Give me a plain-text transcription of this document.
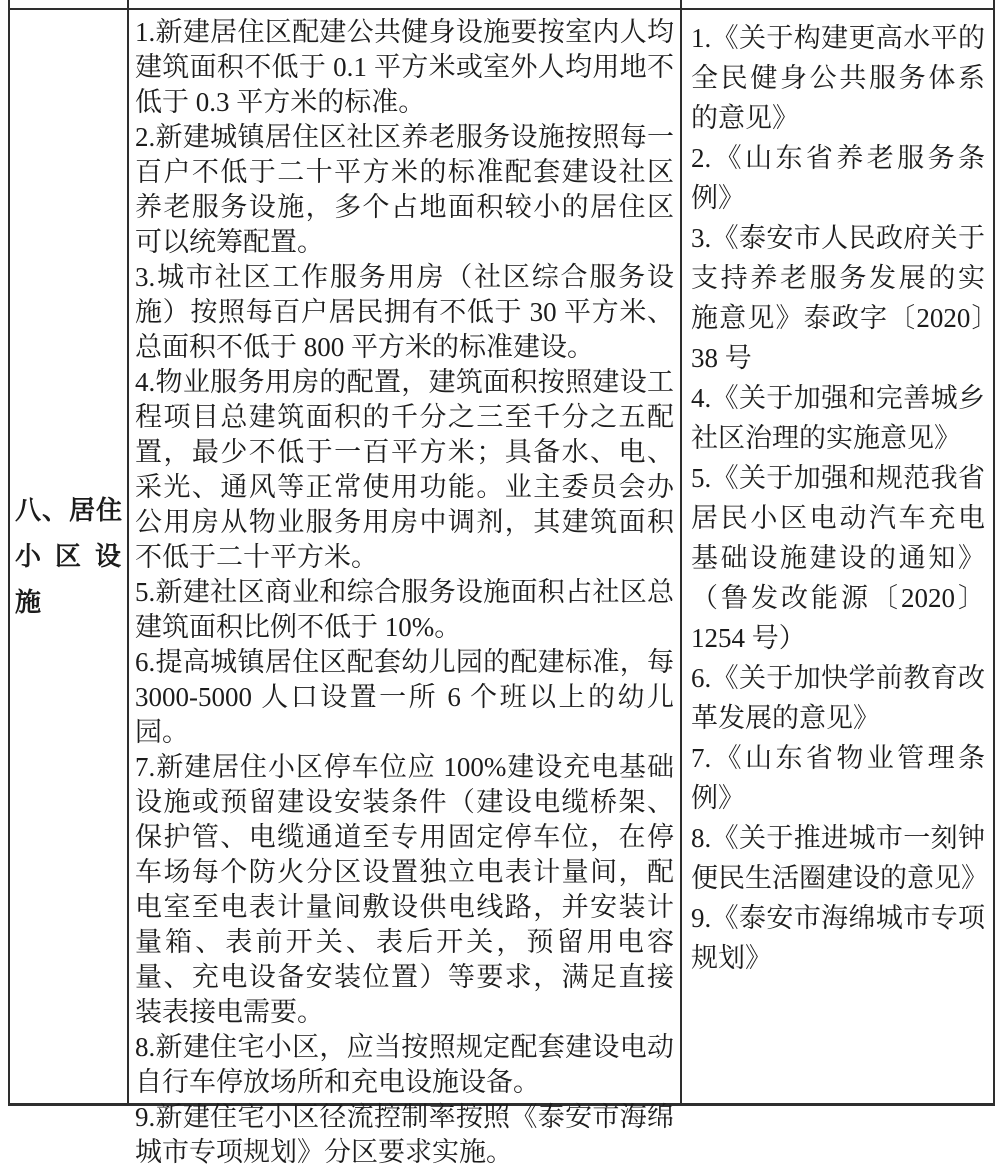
八、居住
小区设
施

1.新建居住区配建公共健身设施要按室内人均建筑面积不低于 0.1 平方米或室外人均用地不低于 0.3 平方米的标准。

2.新建城镇居住区社区养老服务设施按照每一百户不低于二十平方米的标准配套建设社区养老服务设施，多个占地面积较小的居住区可以统筹配置。

3.城市社区工作服务用房（社区综合服务设施）按照每百户居民拥有不低于 30 平方米、总面积不低于 800 平方米的标准建设。

4.物业服务用房的配置，建筑面积按照建设工程项目总建筑面积的千分之三至千分之五配置，最少不低于一百平方米；具备水、电、采光、通风等正常使用功能。业主委员会办公用房从物业服务用房中调剂，其建筑面积不低于二十平方米。

5.新建社区商业和综合服务设施面积占社区总建筑面积比例不低于 10%。

6.提高城镇居住区配套幼儿园的配建标准，每 3000-5000 人口设置一所 6 个班以上的幼儿园。

7.新建居住小区停车位应 100%建设充电基础设施或预留建设安装条件（建设电缆桥架、保护管、电缆通道至专用固定停车位，在停车场每个防火分区设置独立电表计量间，配电室至电表计量间敷设供电线路，并安装计量箱、表前开关、表后开关，预留用电容量、充电设备安装位置）等要求，满足直接装表接电需要。

8.新建住宅小区，应当按照规定配套建设电动自行车停放场所和充电设施设备。

9.新建住宅小区径流控制率按照《泰安市海绵城市专项规划》分区要求实施。

1.《关于构建更高水平的全民健身公共服务体系的意见》

2.《山东省养老服务条例》

3.《泰安市人民政府关于支持养老服务发展的实施意见》泰政字〔2020〕38 号

4.《关于加强和完善城乡社区治理的实施意见》

5.《关于加强和规范我省居民小区电动汽车充电基础设施建设的通知》（鲁发改能源〔2020〕1254 号）

6.《关于加快学前教育改革发展的意见》

7.《山东省物业管理条例》

8.《关于推进城市一刻钟便民生活圈建设的意见》

9.《泰安市海绵城市专项规划》
